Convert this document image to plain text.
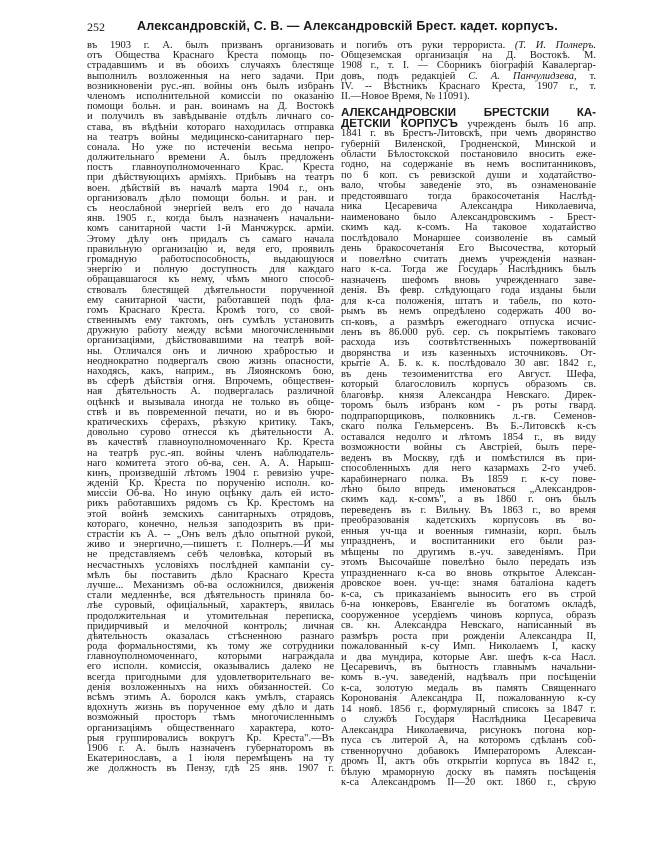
252	Александровскій, С. В. — Александровскій Брест. кадет. корпусъ.
въ 1903 г. А. былъ призванъ организовать
отъ Общества Краснаго Креста помощь по-
страдавшимъ и въ обоихъ случаяхъ блестяще
выполнилъ возложенныя на него задачи. При
возникновеніи рус.-яп. войны онъ былъ избранъ
членомъ исполнительной комиссіи по оказанію
помощи больн. и ран. воинамъ на Д. Востокѣ
и получилъ въ завѣдываніе отдѣлъ личнаго со-
става, въ вѣдѣніи котораго находилась отправка
на театръ войны медицинско-санитарнаго пер-
сонала. Но уже по истеченіи весьма непро-
должительнаго времени А. былъ предложенъ
постъ главноуполномоченнаго Крас. Креста
при дѣйствующихъ арміяхъ. Прибывъ на театръ
воен. дѣйствій въ началѣ марта 1904 г., онъ
организовалъ дѣло помощи больн. и ран. и
съ неослабной энергіей велъ его до начала
янв. 1905 г., когда былъ назначенъ начальни-
комъ санитарной части 1-й Манчжурск. арміи.
Этому дѣлу онъ придалъ съ самаго начала
правильную организацію и, ведя его, проявилъ
громадную работоспособность, выдающуюся
энергію и полную доступность для каждаго
обращавшагося къ нему, чѣмъ много способ-
ствовалъ блестящей дѣятельности порученной
ему санитарной части, работавшей подъ фла-
гомъ Краснаго Креста. Кромѣ того, со свой-
ственнымъ ему тактомъ, онъ сумѣлъ установить
дружную работу между всѣми многочисленными
организаціями, дѣйствовавшими на театрѣ вой-
ны. Отличался онъ и личною храбростью и
неоднократно подвергалъ свою жизнь опасности,
находясь, какъ, наприм., въ Ляоянскомъ бою,
въ сферѣ дѣйствія огня. Впрочемъ, обществен-
ная дѣятельность А. подвергалась различной
оцѣнкѣ и вызывала иногда не только въ обще-
ствѣ и въ повременной печати, но и въ бюро-
кратическихъ сферахъ, рѣзкую критику. Такъ,
довольно сурово отнесся къ дѣятельности А.
въ качествѣ главноуполномоченнаго Кр. Креста
на театрѣ рус.-яп. войны членъ наблюдатель-
наго комитета этого об-ва, сен. А. А. Нарыш-
кинъ, произведшій лѣтомъ 1904 г. ревизію учре-
жденій Кр. Креста по порученію исполн. ко-
миссіи Об-ва. Но иную оцѣнку далъ ей исто-
рикъ работавшихъ рядомъ съ Кр. Крестомъ на
этой войнѣ земскихъ санитарныхъ отрядовъ,
котораго, конечно, нельзя заподозрить въ при-
страстіи къ А. -- „Онъ велъ дѣло опытной рукой,
живо и энергично,—пишетъ г. Полнеръ.—И мы
не представляемъ себѣ человѣка, который въ
несчастныхъ условіяхъ послѣдней кампаніи су-
мѣлъ бы поставить дѣло Краснаго Креста
лучше... Механизмъ об-ва осложнился, движенія
стали медленнѣе, вся дѣятельность приняла бо-
лѣе суровый, офиціальный, характеръ, явилась
продолжительная и утомительная переписка,
придирчивый и мелочной контроль; личная
дѣятельность оказалась стѣсненною разнаго
рода формальностями, къ тому же сотрудники
главноуполномоченнаго, которыми награждала
его исполн. комиссія, оказывались далеко не
всегда пригодными для удовлетворительнаго ве-
денія возложенныхъ на нихъ обязанностей. Со
всѣмъ этимъ А. боролся какъ умѣлъ, стараясь
вдохнуть жизнь въ порученное ему дѣло и дать
возможный просторъ тѣмъ многочисленнымъ
организаціямъ общественнаго характера, кото-
рыя группировались вокругъ Кр. Креста".—Въ
1906 г. А. былъ назначенъ губернаторомъ въ
Екатеринославъ, а 1 іюля перемѣщенъ на ту
же должность въ Пензу, гдѣ 25 янв. 1907 г.
и погибъ отъ руки террориста. (Т. И. Полнеръ.
Общеземская организація на Д. Востокѣ. М.
1908 г., т. I. — Сборникъ біографій Кавалергар-
довъ, подъ редакціей С. А. Панчулидзева, т.
IV. -- Вѣстникъ Краснаго Креста, 1907 г., т.
II.—Новое Время, № 11091).
АЛЕКСАНДРОВСКІЙ БРЕСТСКІЙ КА-
ДЕТСКІЙ КОРПУСЪ учрежденъ былъ 16 апр.
1841 г. въ Брестъ-Литовскѣ, при чемъ дворянство
губерній Виленской, Гродненской, Минской и
области Бѣлостокской постановило вносить еже-
годно, на содержаніе въ немъ воспитанниковъ,
по 6 коп. съ ревизской души и ходатайство-
вало, чтобы заведеніе это, въ ознаменованіе
предстоявшаго тогда бракосочетанія Наслѣд-
ника Цесаревича Александра Николаевича,
наименовано было Александровскимъ - Брест-
скимъ кад. к-сомъ. На таковое ходатайство
послѣдовало Монаршее соизволеніе въ самый
день бракосочетанія Его Высочества, который
и повелѣно считать днемъ учрежденія назван-
наго к-са. Тогда же Государь Наслѣдникъ былъ
назначенъ шефомъ вновь учрежденнаго заве-
денія. Въ февр. слѣдующаго года изданы были
для к-са положенія, штатъ и табель, по кото-
рымъ въ немъ опредѣлено содержать 400 во-
сп-ковъ, а размѣръ ежегоднаго отпуска исчис-
ленъ въ 86.000 руб. сер. съ покрытіемъ таковаго
расхода изъ соотвѣтственныхъ пожертвованій
дворянства и изъ казенныхъ источниковъ. От-
крытіе А. Б. к. к. послѣдовало 30 авг. 1842 г.,
въ день тезоименитства его Август. Шефа,
который благословилъ корпусъ образомъ св.
благовѣр. князя Александра Невскаго. Дирек-
торомъ былъ избранъ ком - ръ роты гвард.
подпрапорщиковъ, полковникъ л.-гв. Семенов-
скаго полка Гельмерсенъ. Въ Б.-Литовскѣ к-съ
оставался недолго и лѣтомъ 1854 г., въ виду
возможности войны съ Австріей, былъ пере-
веденъ въ Москву, гдѣ и помѣстился въ при-
способленныхъ для него казармахъ 2-го учеб.
карабинернаго полка. Въ 1859 г. к-су пове-
лѣно было впредь именоваться „Александров-
скимъ кад. к-сомъ", а въ 1860 г. онъ былъ
переведенъ въ г. Вильну. Въ 1863 г., во время
преобразованія кадетскихъ корпусовъ въ во-
енныя уч-ща и военныя гимназіи, корп. былъ
упраздненъ, и воспитанники его были раз-
мѣщены по другимъ в.-уч. заведеніямъ. При
этомъ Высочайше повелѣно было передать изъ
упраздненнаго к-са во вновь открытое Алексан-
дровское воен. уч-ще: знамя баталіона кадетъ
к-са, съ приказаніемъ выносить его въ строй
б-на юнкеровъ, Евангеліе въ богатомъ окладѣ,
сооруженное усердіемъ чиновъ корпуса, образъ
св. кн. Александра Невскаго, написанный въ
размѣръ роста при рожденіи Александра II,
пожалованный к-су Имп. Николаемъ I, каску
и два мундира, которые Авг. шефъ к-са Насл.
Цесаревичъ, въ бытность главнымъ начальни-
комъ в.-уч. заведеній, надѣвалъ при посѣщеніи
к-са, золотую медаль въ память Священнаго
Коронованія Александра II, пожалованную к-су
14 нояб. 1856 г., формулярный списокъ за 1847 г.
о службѣ Государя Наслѣдника Цесаревича
Александра Николаевича, рисунокъ погона кор-
пуса съ литерой А, на которомъ сдѣланъ соб-
ственноручно добавокъ Императоромъ Алексан-
дромъ II, актъ объ открытіи корпуса въ 1842 г.,
бѣлую мраморную доску въ память посѣщенія
к-са Александромъ II—20 окт. 1860 г., сѣрую
